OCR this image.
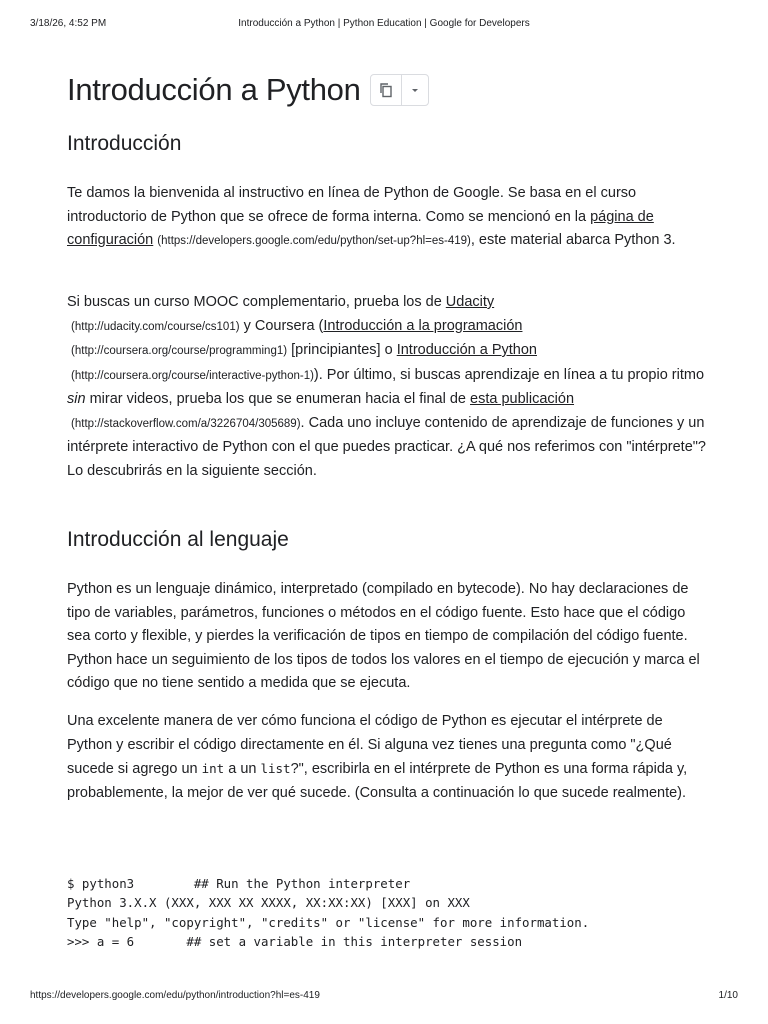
3/18/26, 4:52 PM	Introducción a Python | Python Education | Google for Developers
Introducción a Python
Introducción

Te damos la bienvenida al instructivo en línea de Python de Google. Se basa en el curso introductorio de Python que se ofrece de forma interna. Como se mencionó en la página de configuración (https://developers.google.com/edu/python/set-up?hl=es-419), este material abarca Python 3.

Si buscas un curso MOOC complementario, prueba los de Udacity
(http://udacity.com/course/cs101) y Coursera (Introducción a la programación
(http://coursera.org/course/programming1) [principiantes] o Introducción a Python
(http://coursera.org/course/interactive-python-1)). Por último, si buscas aprendizaje en línea a tu propio ritmo sin mirar videos, prueba los que se enumeran hacia el final de esta publicación
(http://stackoverflow.com/a/3226704/305689). Cada uno incluye contenido de aprendizaje de funciones y un intérprete interactivo de Python con el que puedes practicar. ¿A qué nos referimos con "intérprete"? Lo descubrirás en la siguiente sección.

Introducción al lenguaje

Python es un lenguaje dinámico, interpretado (compilado en bytecode). No hay declaraciones de tipo de variables, parámetros, funciones o métodos en el código fuente. Esto hace que el código sea corto y flexible, y pierdes la verificación de tipos en tiempo de compilación del código fuente. Python hace un seguimiento de los tipos de todos los valores en el tiempo de ejecución y marca el código que no tiene sentido a medida que se ejecuta.

Una excelente manera de ver cómo funciona el código de Python es ejecutar el intérprete de Python y escribir el código directamente en él. Si alguna vez tienes una pregunta como "¿Qué sucede si agrego un int a un list?", escribirla en el intérprete de Python es una forma rápida y, probablemente, la mejor de ver qué sucede. (Consulta a continuación lo que sucede realmente).

$ python3        ## Run the Python interpreter
Python 3.X.X (XXX, XXX XX XXXX, XX:XX:XX) [XXX] on XXX
Type "help", "copyright", "credits" or "license" for more information.
>>> a = 6       ## set a variable in this interpreter session
https://developers.google.com/edu/python/introduction?hl=es-419	1/10
